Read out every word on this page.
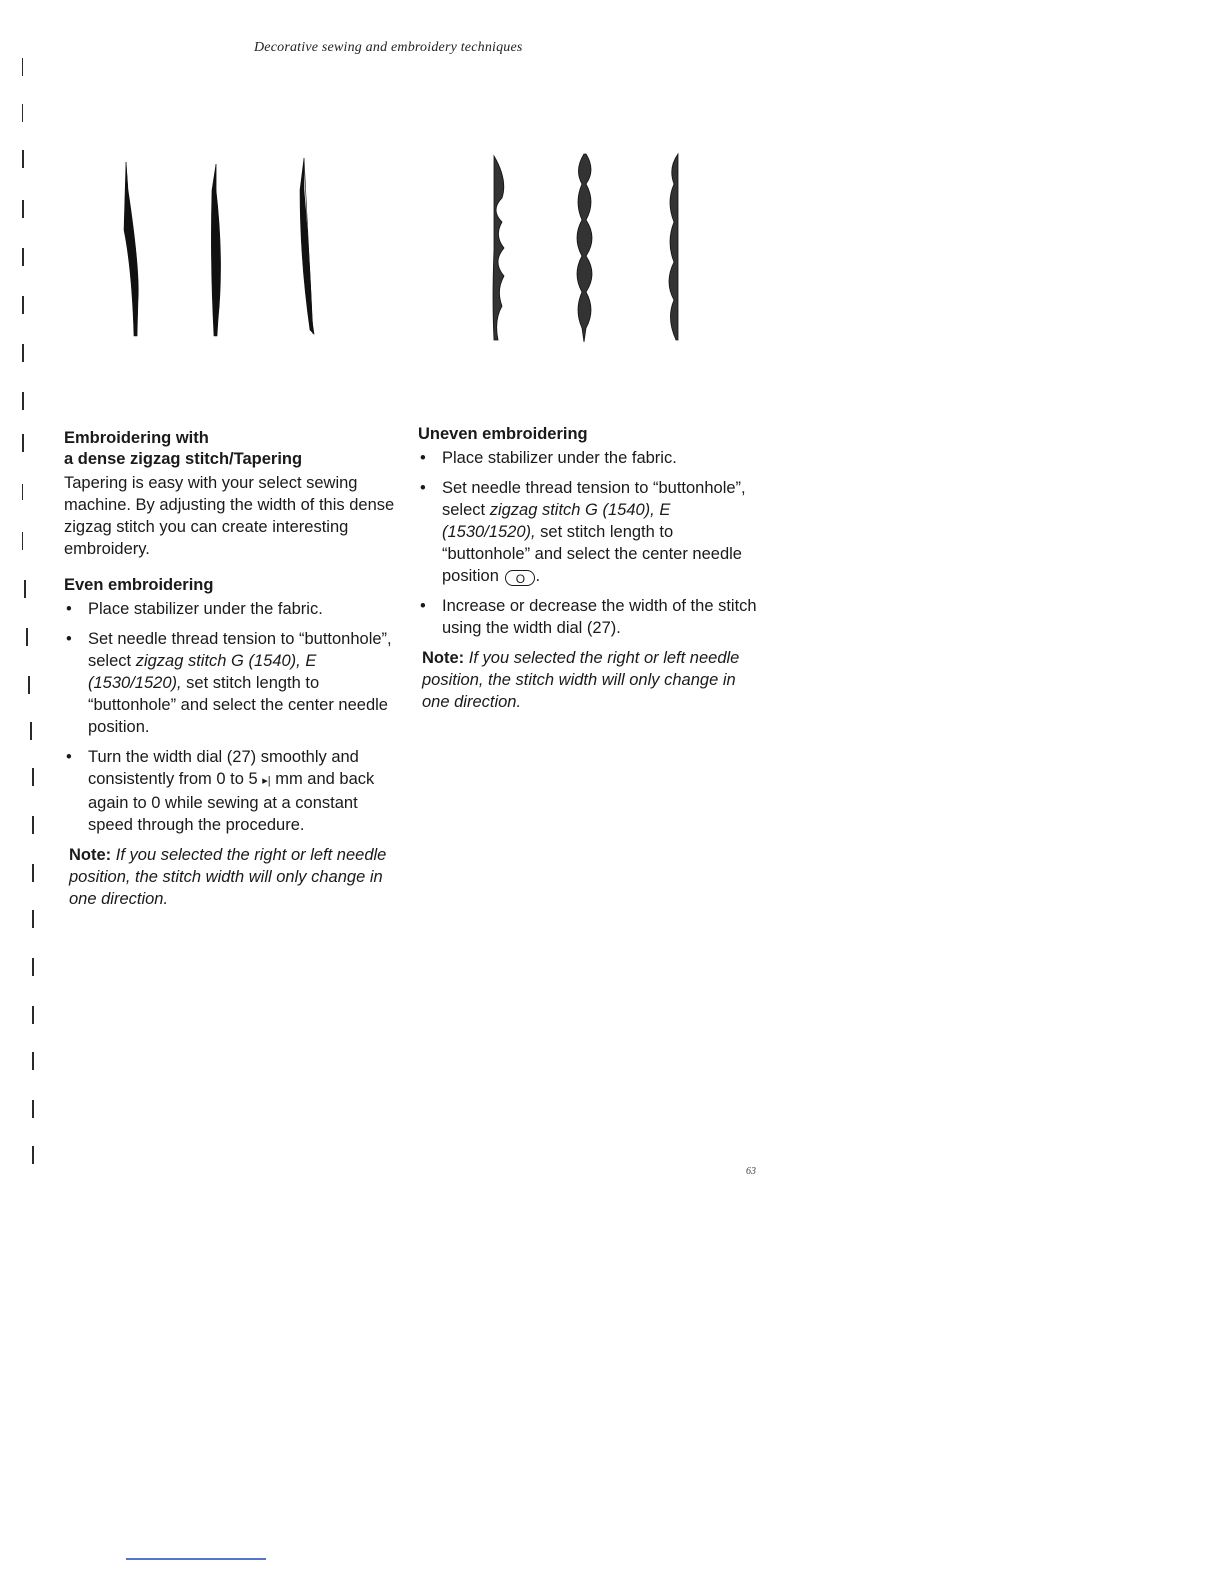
Decorative sewing and embroidery techniques
Embroidering with
a dense zigzag stitch/Tapering

Tapering is easy with your select sewing machine. By adjusting the width of this dense zigzag stitch you can create interesting embroidery.

Even embroidering
• Place stabilizer under the fabric.
• Set needle thread tension to “buttonhole”, select zigzag stitch G (1540), E (1530/1520), set stitch length to “buttonhole” and select the center needle position.
• Turn the width dial (27) smoothly and consistently from 0 to 5 ▸| mm and back again to 0 while sewing at a constant speed through the procedure.

Note: If you selected the right or left needle position, the stitch width will only change in one direction.

Uneven embroidering
• Place stabilizer under the fabric.
• Set needle thread tension to “buttonhole”, select zigzag stitch G (1540), E (1530/1520), set stitch length to “buttonhole” and select the center needle position O .
• Increase or decrease the width of the stitch using the width dial (27).

Note: If you selected the right or left needle position, the stitch width will only change in one direction.

63
